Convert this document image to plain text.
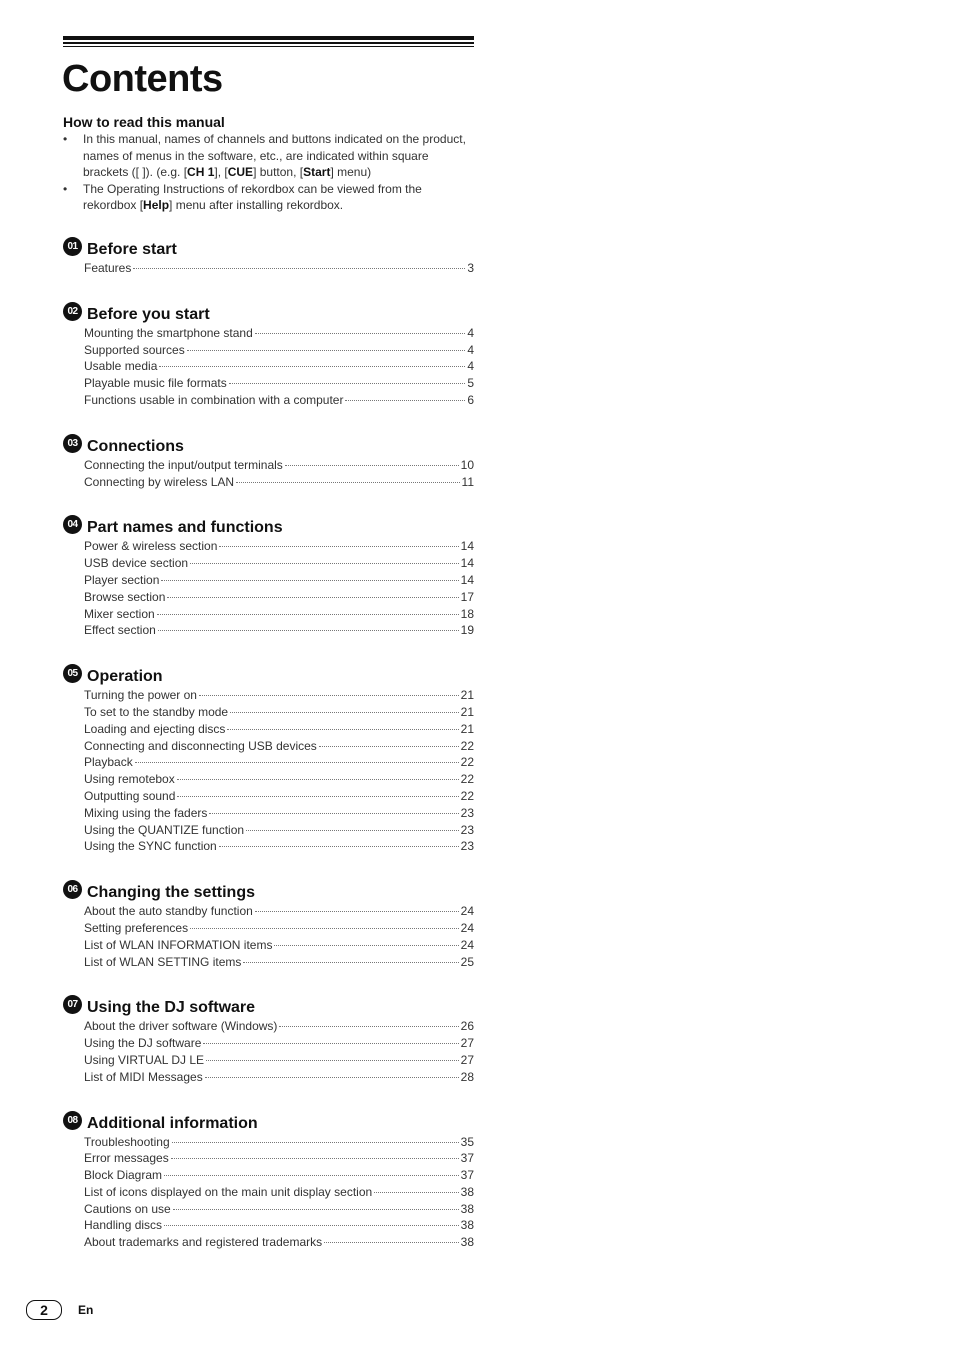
Contents
How to read this manual
• In this manual, names of channels and buttons indicated on the product, names of menus in the software, etc., are indicated within square brackets ([ ]). (e.g. [CH 1], [CUE] button, [Start] menu)
• The Operating Instructions of rekordbox can be viewed from the rekordbox [Help] menu after installing rekordbox.
01 Before start
Features	3
02 Before you start
Mounting the smartphone stand	4
Supported sources	4
Usable media	4
Playable music file formats	5
Functions usable in combination with a computer	6
03 Connections
Connecting the input/output terminals	10
Connecting by wireless LAN	11
04 Part names and functions
Power & wireless section	14
USB device section	14
Player section	14
Browse section	17
Mixer section	18
Effect section	19
05 Operation
Turning the power on	21
To set to the standby mode	21
Loading and ejecting discs	21
Connecting and disconnecting USB devices	22
Playback	22
Using remotebox	22
Outputting sound	22
Mixing using the faders	23
Using the QUANTIZE function	23
Using the SYNC function	23
06 Changing the settings
About the auto standby function	24
Setting preferences	24
List of WLAN INFORMATION items	24
List of WLAN SETTING items	25
07 Using the DJ software
About the driver software (Windows)	26
Using the DJ software	27
Using VIRTUAL DJ LE	27
List of MIDI Messages	28
08 Additional information
Troubleshooting	35
Error messages	37
Block Diagram	37
List of icons displayed on the main unit display section	38
Cautions on use	38
Handling discs	38
About trademarks and registered trademarks	38
2	En
